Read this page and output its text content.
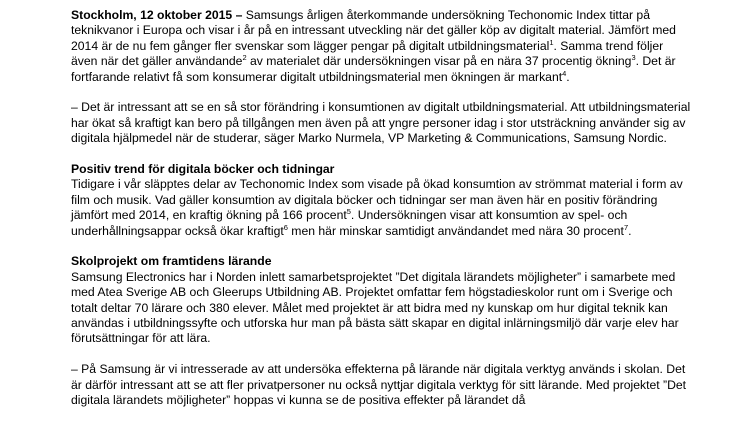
Stockholm, 12 oktober 2015 – Samsungs årligen återkommande undersökning Techonomic Index tittar på teknikvanor i Europa och visar i år på en intressant utveckling när det gäller köp av digitalt material. Jämfört med 2014 är de nu fem gånger fler svenskar som lägger pengar på digitalt utbildningsmaterial$^1$. Samma trend följer även när det gäller användande$^2$ av materialet där undersökningen visar på en nära 37 procentig ökning$^3$. Det är fortfarande relativt få som konsumerar digitalt utbildningsmaterial men ökningen är markant$^4$.

– Det är intressant att se en så stor förändring i konsumtionen av digitalt utbildningsmaterial. Att utbildningsmaterial har ökat så kraftigt kan bero på tillgången men även på att yngre personer idag i stor utsträckning använder sig av digitala hjälpmedel när de studerar, säger Marko Nurmela, VP Marketing & Communications, Samsung Nordic.

Positiv trend för digitala böcker och tidningar

Tidigare i vår släpptes delar av Techonomic Index som visade på ökad konsumtion av strömmat material i form av film och musik. Vad gäller konsumtion av digitala böcker och tidningar ser man även här en positiv förändring jämfört med 2014, en kraftig ökning på 166 procent$^5$. Undersökningen visar att konsumtion av spel- och underhållningsappar också ökar kraftigt$^6$ men här minskar samtidigt användandet med nära 30 procent$^7$.

Skolprojekt om framtidens lärande

Samsung Electronics har i Norden inlett samarbetsprojektet ”Det digitala lärandets möjligheter” i samarbete med med Atea Sverige AB och Gleerups Utbildning AB. Projektet omfattar fem högstadieskolor runt om i Sverige och totalt deltar 70 lärare och 380 elever. Målet med projektet är att bidra med ny kunskap om hur digital teknik kan användas i utbildningssyfte och utforska hur man på bästa sätt skapar en digital inlärningsmiljö där varje elev har förutsättningar för att lära.

– På Samsung är vi intresserade av att undersöka effekterna på lärande när digitala verktyg används i skolan. Det är därför intressant att se att fler privatpersoner nu också nyttjar digitala verktyg för sitt lärande. Med projektet ”Det digitala lärandets möjligheter” hoppas vi kunna se de positiva effekter på lärandet då
